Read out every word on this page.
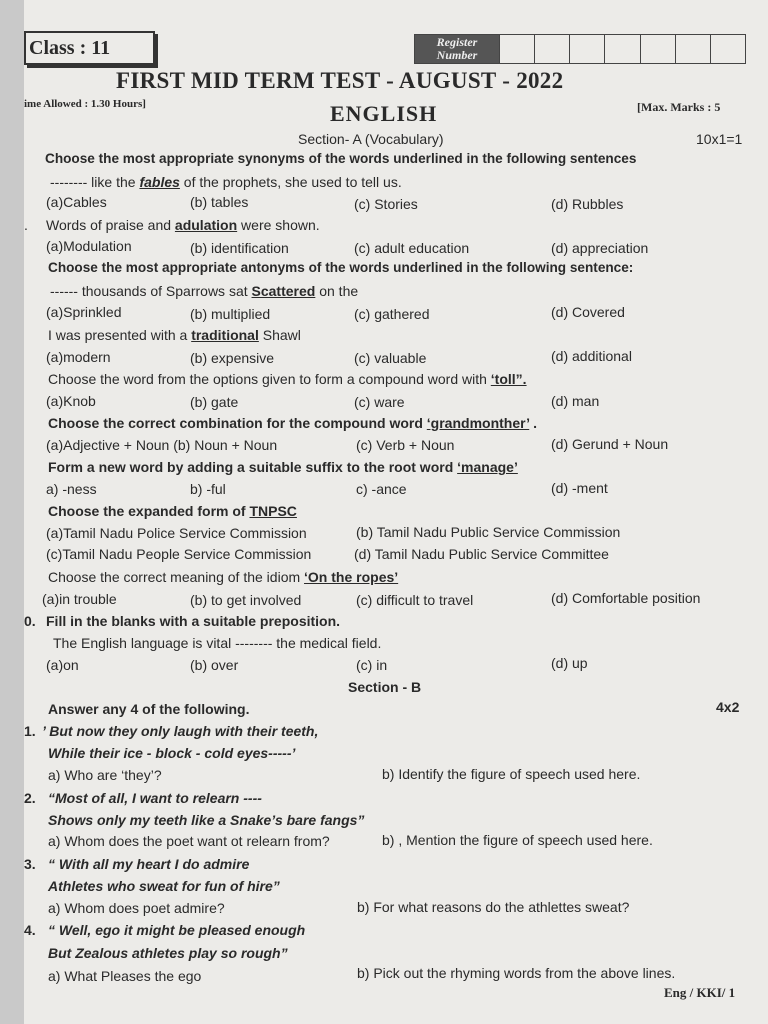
Class : 11	Register
Number
FIRST MID TERM TEST - AUGUST - 2022
ime Allowed : 1.30 Hours]	ENGLISH	[Max. Marks : 5
Section- A (Vocabulary)	10x1=1
Choose the most appropriate synonyms of the words underlined in the following sentences
-------- like the fables of the prophets, she used to tell us.
(a)Cables	(b) tables	(c) Stories	(d) Rubbles
. Words of praise and adulation were shown.
(a)Modulation	(b) identification	(c) adult education	(d) appreciation
Choose the most appropriate antonyms of the words underlined in the following sentence:
------ thousands of Sparrows sat Scattered on the
(a)Sprinkled	(b) multiplied	(c) gathered	(d) Covered
I was presented with a traditional Shawl
(a)modern	(b) expensive	(c) valuable	(d) additional
Choose the word from the options given to form a compound word with ‘toll”.
(a)Knob	(b) gate	(c) ware	(d) man
Choose the correct combination for the compound word ‘grandmonther’ .
(a)Adjective + Noun (b) Noun + Noun	(c) Verb + Noun	(d) Gerund + Noun
Form a new word by adding a suitable suffix to the root word ‘manage’
a) -ness	b) -ful	c) -ance	(d) -ment
Choose the expanded form of TNPSC
(a)Tamil Nadu Police Service Commission	(b) Tamil Nadu Public Service Commission
(c)Tamil Nadu People Service Commission	(d) Tamil Nadu Public Service Committee
Choose the correct meaning of the idiom ‘On the ropes’
(a)in trouble	(b) to get involved	(c) difficult to travel	(d) Comfortable position
0. Fill in the blanks with a suitable preposition.
The English language is vital -------- the medical field.
(a)on	(b) over	(c) in	(d) up
Section - B
Answer any 4 of the following.	4x2
1. ’ But now they only laugh with their teeth,
While their ice - block - cold eyes-----’
a) Who are ‘they’?	b) Identify the figure of speech used here.
2. “Most of all, I want to relearn ----
Shows only my teeth like a Snake’s bare fangs”
a) Whom does the poet want ot relearn from?	b) , Mention the figure of speech used here.
3. “ With all my heart I do admire
Athletes who sweat for fun of hire”
a) Whom does poet admire?	b) For what reasons do the athlettes sweat?
4. “ Well, ego it might be pleased enough
But Zealous athletes play so rough”
a) What Pleases the ego	b) Pick out the rhyming words from the above lines.
Eng / KKI/ 1
